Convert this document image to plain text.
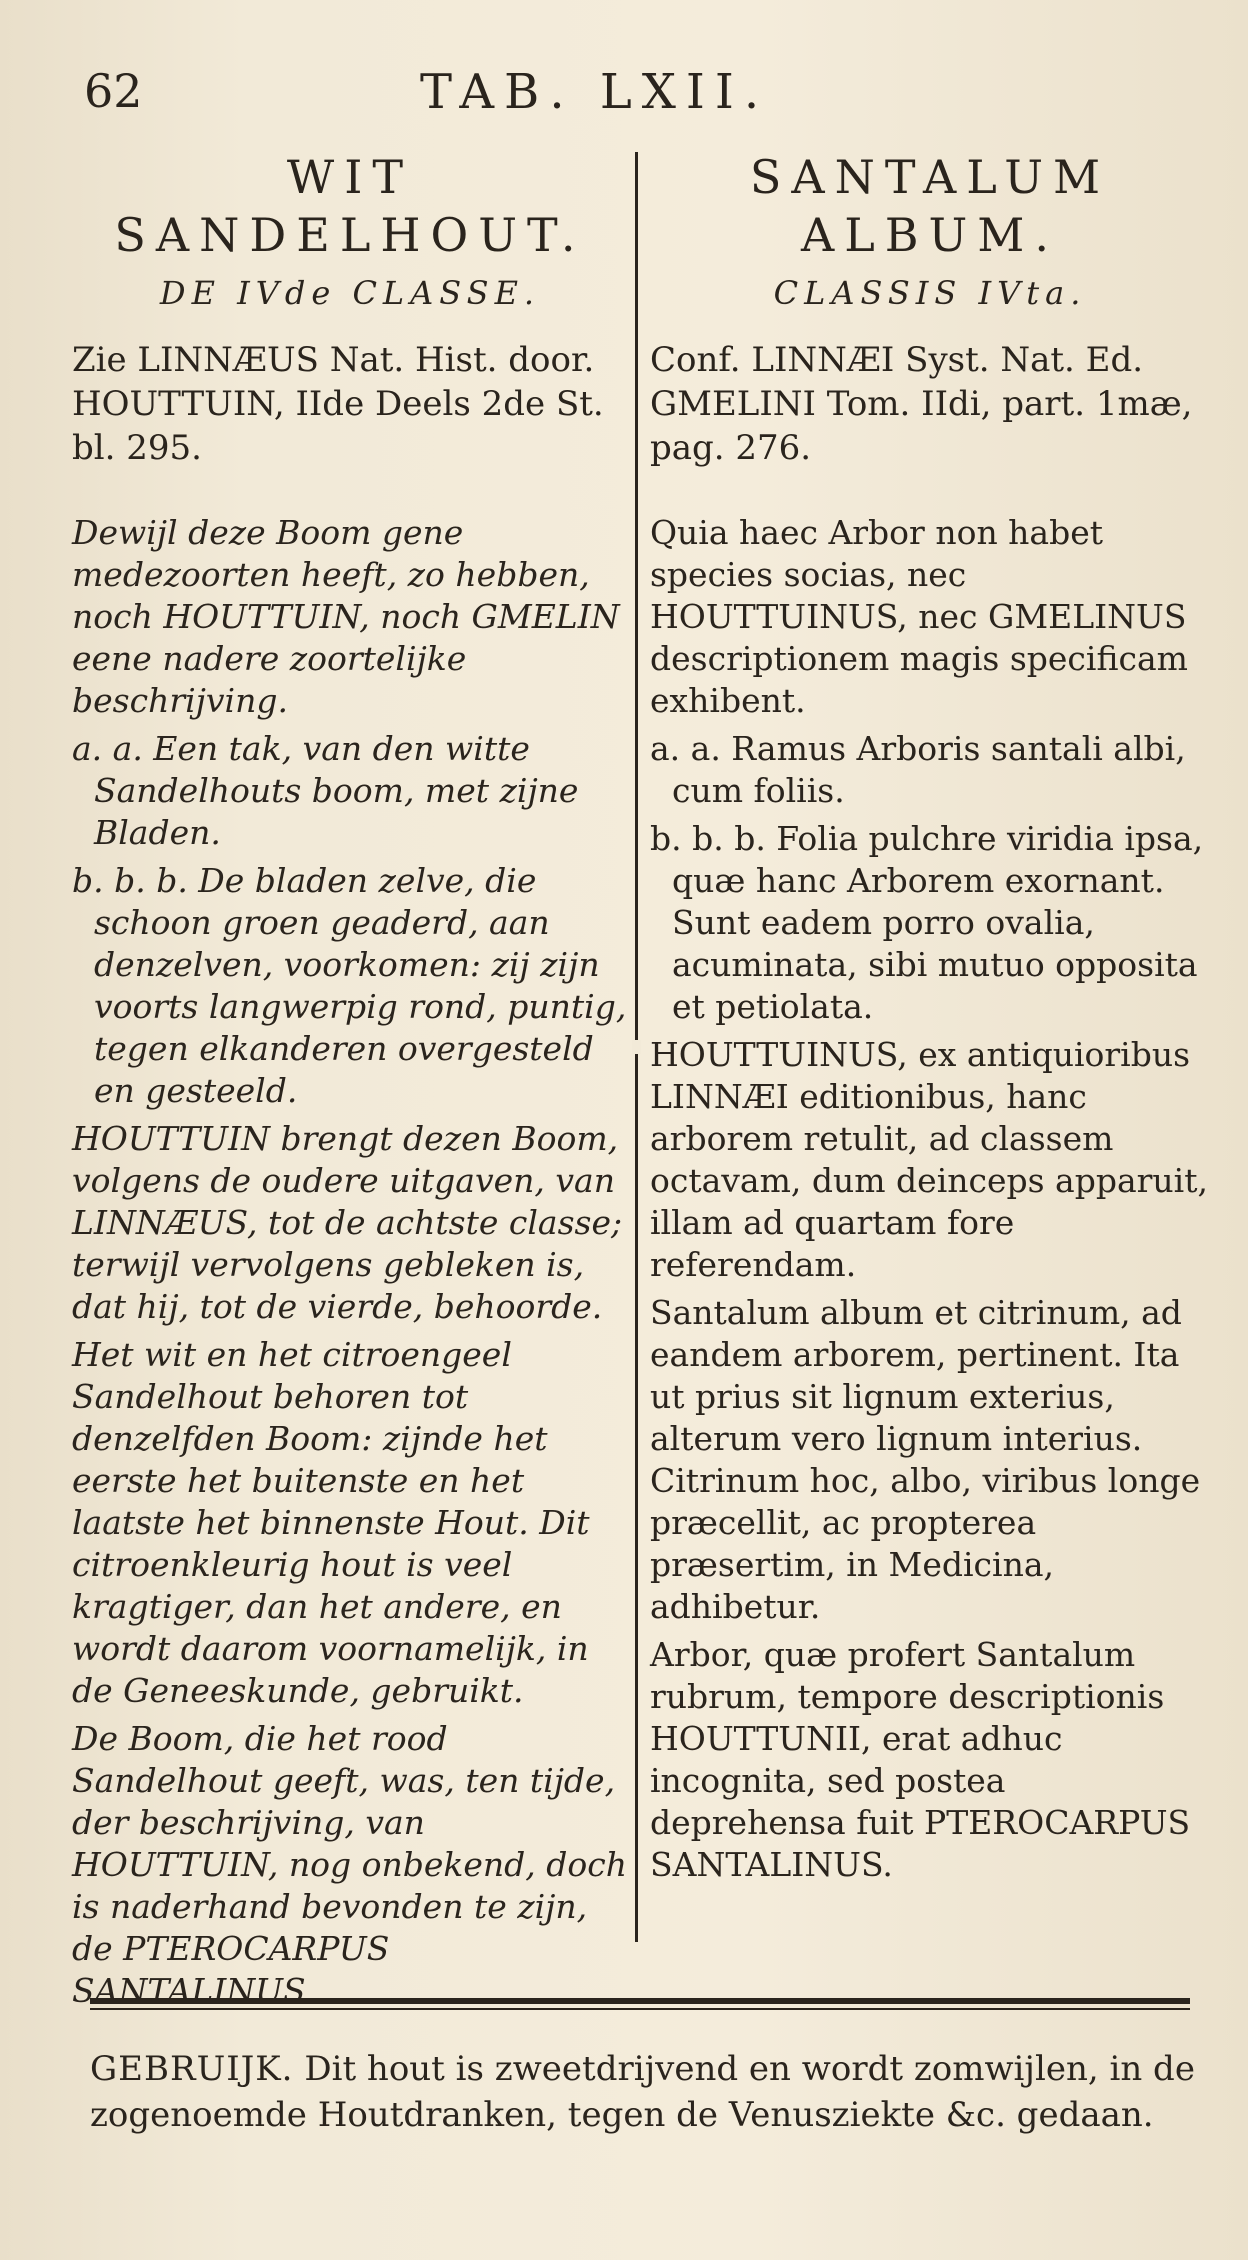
62	TAB. LXII.
WIT
SANDELHOUT.
DE IVde CLASSE.
Zie LINNÆUS Nat. Hist. door. HOUTTUIN, IIde Deels 2de St. bl. 295.
Dewijl deze Boom gene medezoorten heeft, zo hebben, noch HOUTTUIN, noch GMELIN eene nadere zoortelijke beschrijving.
a. a. Een tak, van den witte Sandelhouts boom, met zijne Bladen.
b. b. b. De bladen zelve, die schoon groen geaderd, aan denzelven, voorkomen: zij zijn voorts langwerpig rond, puntig, tegen elkanderen overgesteld en gesteeld.
HOUTTUIN brengt dezen Boom, volgens de oudere uitgaven, van LINNÆUS, tot de achtste classe; terwijl vervolgens gebleken is, dat hij, tot de vierde, behoorde.
Het wit en het citroengeel Sandelhout behoren tot denzelfden Boom: zijnde het eerste het buitenste en het laatste het binnenste Hout. Dit citroenkleurig hout is veel kragtiger, dan het andere, en wordt daarom voornamelijk, in de Geneeskunde, gebruikt.
De Boom, die het rood Sandelhout geeft, was, ten tijde, der beschrijving, van HOUTTUIN, nog onbekend, doch is naderhand bevonden te zijn, de PTEROCARPUS SANTALINUS.
SANTALUM
ALBUM.
CLASSIS IVta.
Conf. LINNÆI Syst. Nat. Ed. GMELINI Tom. IIdi, part. 1mæ, pag. 276.
Quia haec Arbor non habet species socias, nec HOUTTUINUS, nec GMELINUS descriptionem magis specificam exhibent.
a. a. Ramus Arboris santali albi, cum foliis.
b. b. b. Folia pulchre viridia ipsa, quæ hanc Arborem exornant. Sunt eadem porro ovalia, acuminata, sibi mutuo opposita et petiolata.
HOUTTUINUS, ex antiquioribus LINNÆI editionibus, hanc arborem retulit, ad classem octavam, dum deinceps apparuit, illam ad quartam fore referendam.
Santalum album et citrinum, ad eandem arborem, pertinent. Ita ut prius sit lignum exterius, alterum vero lignum interius. Citrinum hoc, albo, viribus longe præcellit, ac propterea præsertim, in Medicina, adhibetur.
Arbor, quæ profert Santalum rubrum, tempore descriptionis HOUTTUNII, erat adhuc incognita, sed postea deprehensa fuit PTEROCARPUS SANTALINUS.
GEBRUIJK. Dit hout is zweetdrijvend en wordt zomwijlen, in de zogenoemde Houtdranken, tegen de Venusziekte &c. gedaan.
